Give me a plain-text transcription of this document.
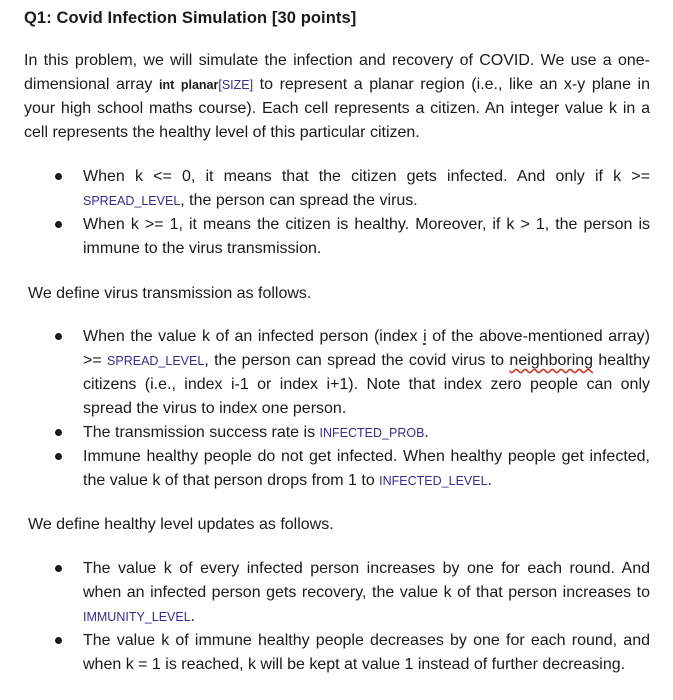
Q1: Covid Infection Simulation [30 points]
In this problem, we will simulate the infection and recovery of COVID. We use a one-dimensional array int planar[SIZE] to represent a planar region (i.e., like an x-y plane in your high school maths course). Each cell represents a citizen. An integer value k in a cell represents the healthy level of this particular citizen.
When k <= 0, it means that the citizen gets infected. And only if k >= SPREAD_LEVEL, the person can spread the virus.
When k >= 1, it means the citizen is healthy. Moreover, if k > 1, the person is immune to the virus transmission.
We define virus transmission as follows.
When the value k of an infected person (index i of the above-mentioned array) >= SPREAD_LEVEL, the person can spread the covid virus to neighboring healthy citizens (i.e., index i-1 or index i+1). Note that index zero people can only spread the virus to index one person.
The transmission success rate is INFECTED_PROB.
Immune healthy people do not get infected. When healthy people get infected, the value k of that person drops from 1 to INFECTED_LEVEL.
We define healthy level updates as follows.
The value k of every infected person increases by one for each round. And when an infected person gets recovery, the value k of that person increases to IMMUNITY_LEVEL.
The value k of immune healthy people decreases by one for each round, and when k = 1 is reached, k will be kept at value 1 instead of further decreasing.
